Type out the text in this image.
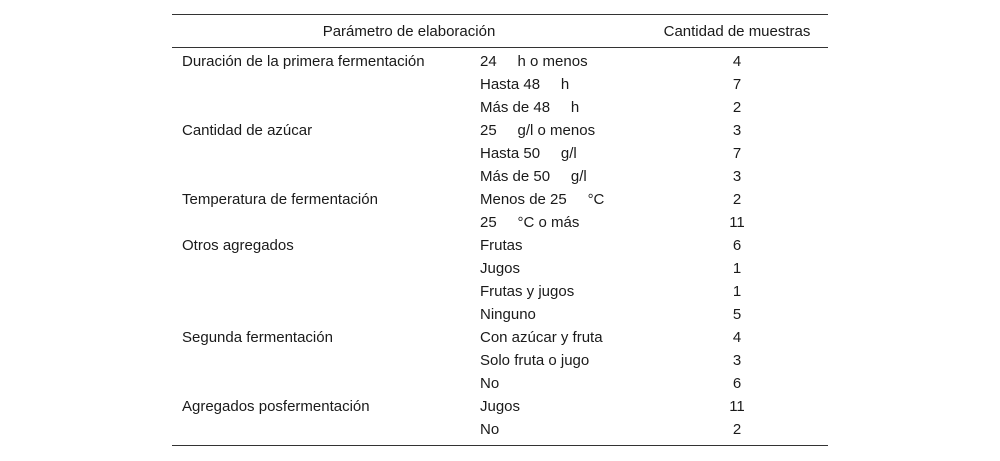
Parámetro de elaboración	Cantidad de muestras
Duración de la primera fermentación	24     h o menos	4
Hasta 48     h	7
Más de 48     h	2
Cantidad de azúcar	25     g/l o menos	3
Hasta 50     g/l	7
Más de 50     g/l	3
Temperatura de fermentación	Menos de 25     °C	2
25     °C o más	11
Otros agregados	Frutas	6
Jugos	1
Frutas y jugos	1
Ninguno	5
Segunda fermentación	Con azúcar y fruta	4
Solo fruta o jugo	3
No	6
Agregados posfermentación	Jugos	11
No	2
